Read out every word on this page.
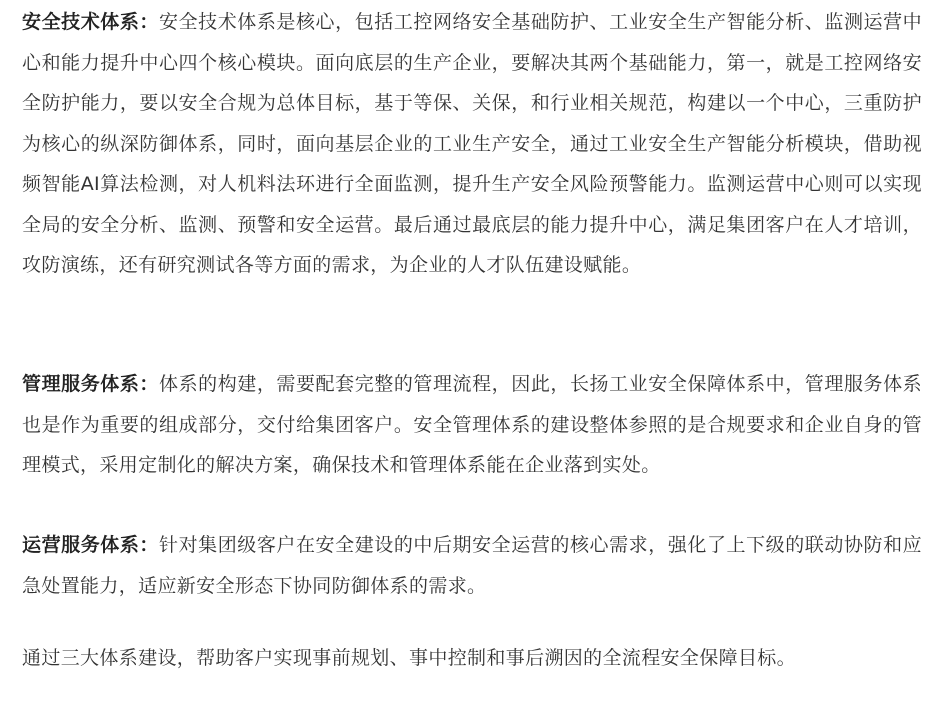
安全技术体系：安全技术体系是核心，包括工控网络安全基础防护、工业安全生产智能分析、监测运营中心和能力提升中心四个核心模块。面向底层的生产企业，要解决其两个基础能力，第一，就是工控网络安全防护能力，要以安全合规为总体目标，基于等保、关保，和行业相关规范，构建以一个中心，三重防护为核心的纵深防御体系，同时，面向基层企业的工业生产安全，通过工业安全生产智能分析模块，借助视频智能AI算法检测，对人机料法环进行全面监测，提升生产安全风险预警能力。监测运营中心则可以实现全局的安全分析、监测、预警和安全运营。最后通过最底层的能力提升中心，满足集团客户在人才培训，攻防演练，还有研究测试各等方面的需求，为企业的人才队伍建设赋能。

管理服务体系：体系的构建，需要配套完整的管理流程，因此，长扬工业安全保障体系中，管理服务体系也是作为重要的组成部分，交付给集团客户。安全管理体系的建设整体参照的是合规要求和企业自身的管理模式，采用定制化的解决方案，确保技术和管理体系能在企业落到实处。

运营服务体系：针对集团级客户在安全建设的中后期安全运营的核心需求，强化了上下级的联动协防和应急处置能力，适应新安全形态下协同防御体系的需求。

通过三大体系建设，帮助客户实现事前规划、事中控制和事后溯因的全流程安全保障目标。
